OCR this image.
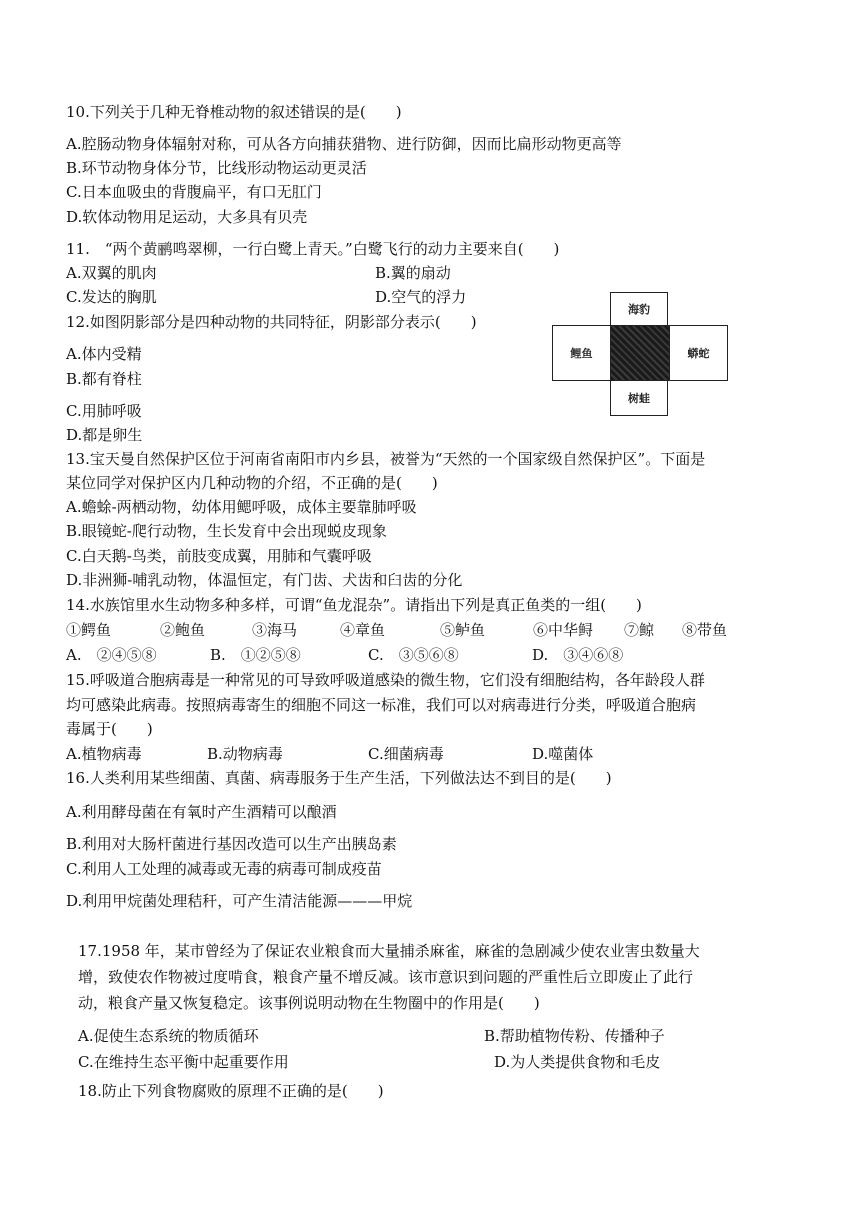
10.下列关于几种无脊椎动物的叙述错误的是(　　)
A.腔肠动物身体辐射对称，可从各方向捕获猎物、进行防御，因而比扁形动物更高等
B.环节动物身体分节，比线形动物运动更灵活
C.日本血吸虫的背腹扁平，有口无肛门
D.软体动物用足运动，大多具有贝壳
11.　“两个黄鹂鸣翠柳，一行白鹭上青天。”白鹭飞行的动力主要来自(　　)
A.双翼的肌肉	B.翼的扇动
C.发达的胸肌	D.空气的浮力
12.如图阴影部分是四种动物的共同特征，阴影部分表示(　　)
A.体内受精
B.都有脊柱
C.用肺呼吸
D.都是卵生
海豹
鲤鱼	蟒蛇
树蛙
13.宝天曼自然保护区位于河南省南阳市内乡县，被誉为“天然的一个国家级自然保护区”。下面是
某位同学对保护区内几种动物的介绍，不正确的是(　　)
A.蟾蜍-两栖动物，幼体用鳃呼吸，成体主要靠肺呼吸
B.眼镜蛇-爬行动物，生长发育中会出现蜕皮现象
C.白天鹅-鸟类，前肢变成翼，用肺和气囊呼吸
D.非洲狮-哺乳动物，体温恒定，有门齿、犬齿和臼齿的分化
14.水族馆里水生动物多种多样，可谓“鱼龙混杂”。请指出下列是真正鱼类的一组(　　)
①鳄鱼	②鲍鱼	③海马	④章鱼	⑤鲈鱼	⑥中华鲟 ⑦鲸 ⑧带鱼
A.　②④⑤⑧	B.　①②⑤⑧	C.　③⑤⑥⑧	D.　③④⑥⑧
15.呼吸道合胞病毒是一种常见的可导致呼吸道感染的微生物，它们没有细胞结构，各年龄段人群
均可感染此病毒。按照病毒寄生的细胞不同这一标准，我们可以对病毒进行分类，呼吸道合胞病
毒属于(　　)
A.植物病毒	B.动物病毒	C.细菌病毒	D.噬菌体
16.人类利用某些细菌、真菌、病毒服务于生产生活，下列做法达不到目的是(　　)
A.利用酵母菌在有氧时产生酒精可以酿酒
B.利用对大肠杆菌进行基因改造可以生产出胰岛素
C.利用人工处理的减毒或无毒的病毒可制成疫苗
D.利用甲烷菌处理秸秆，可产生清洁能源———甲烷
17.1958 年，某市曾经为了保证农业粮食而大量捕杀麻雀，麻雀的急剧减少使农业害虫数量大
增，致使农作物被过度啃食，粮食产量不增反减。该市意识到问题的严重性后立即废止了此行
动，粮食产量又恢复稳定。该事例说明动物在生物圈中的作用是(　　)
A.促使生态系统的物质循环	B.帮助植物传粉、传播种子
C.在维持生态平衡中起重要作用	D.为人类提供食物和毛皮
18.防止下列食物腐败的原理不正确的是(　　)
